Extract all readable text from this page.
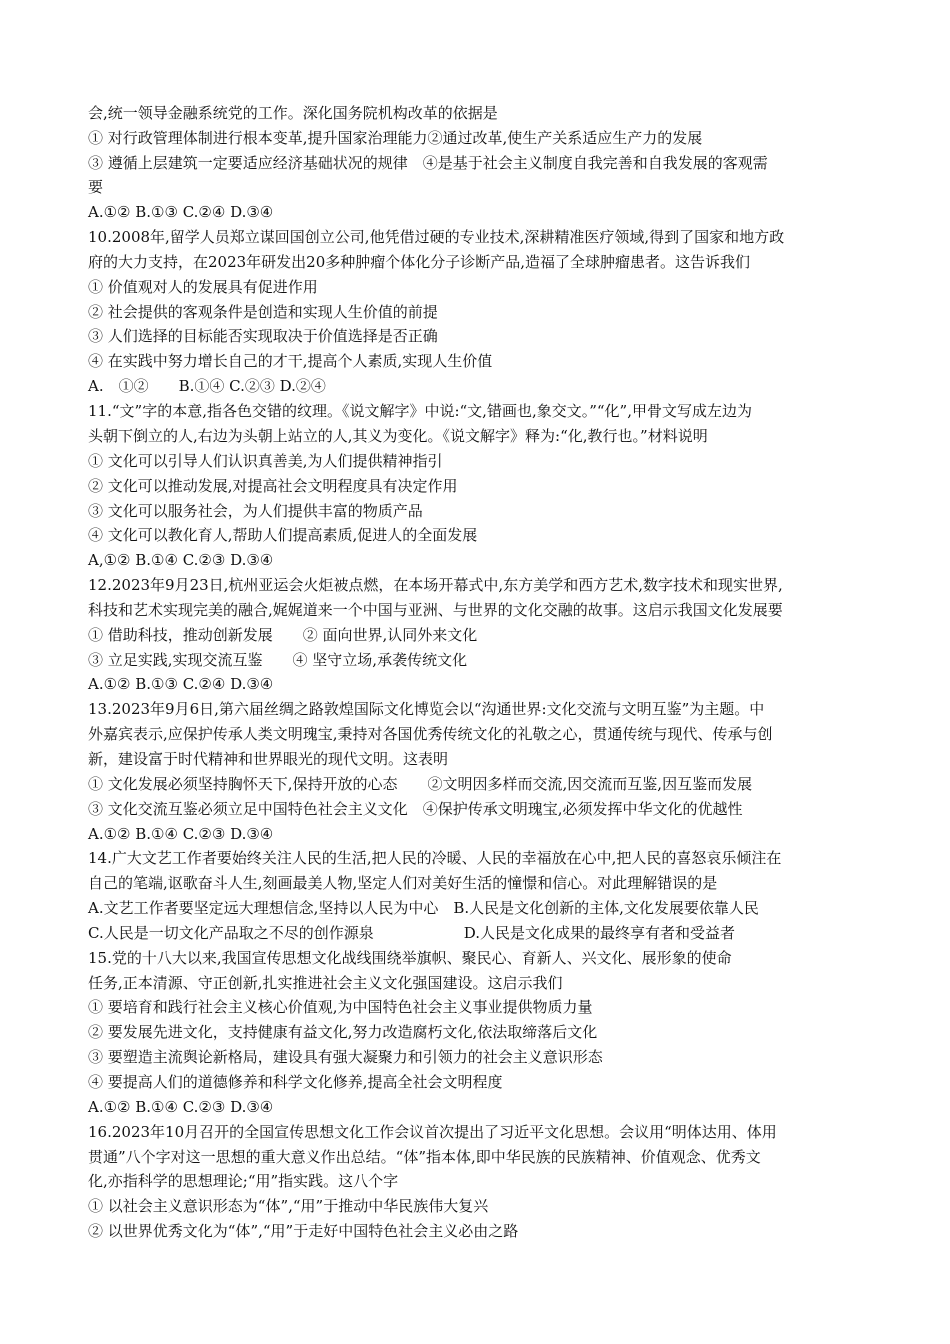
会,统一领导金融系统党的工作。深化国务院机构改革的依据是
① 对行政管理体制进行根本变革,提升国家治理能力②通过改革,使生产关系适应生产力的发展
③ 遵循上层建筑一定要适应经济基础状况的规律　④是基于社会主义制度自我完善和自我发展的客观需
要
A.①② B.①③ C.②④ D.③④
10.2008年,留学人员郑立谋回国创立公司,他凭借过硬的专业技术,深耕精准医疗领域,得到了国家和地方政
府的大力支持，在2023年研发出20多种肿瘤个体化分子诊断产品,造福了全球肿瘤患者。这告诉我们
① 价值观对人的发展具有促进作用
② 社会提供的客观条件是创造和实现人生价值的前提
③ 人们选择的目标能否实现取决于价值选择是否正确
④ 在实践中努力增长自己的才干,提高个人素质,实现人生价值
A.　①②　　B.①④ C.②③ D.②④
11.“文”字的本意,指各色交错的纹理。《说文解字》中说:“文,错画也,象交文。”“化”,甲骨文写成左边为
头朝下倒立的人,右边为头朝上站立的人,其义为变化。《说文解字》释为:“化,教行也。”材料说明
① 文化可以引导人们认识真善美,为人们提供精神指引
② 文化可以推动发展,对提高社会文明程度具有决定作用
③ 文化可以服务社会，为人们提供丰富的物质产品
④ 文化可以教化育人,帮助人们提高素质,促进人的全面发展
A,①② B.①④ C.②③ D.③④
12.2023年9月23日,杭州亚运会火炬被点燃，在本场开幕式中,东方美学和西方艺术,数字技术和现实世界,
科技和艺术实现完美的融合,娓娓道来一个中国与亚洲、与世界的文化交融的故事。这启示我国文化发展要
① 借助科技，推动创新发展　　② 面向世界,认同外来文化
③ 立足实践,实现交流互鉴　　④ 坚守立场,承袭传统文化
A.①② B.①③ C.②④ D.③④
13.2023年9月6日,第六届丝绸之路敦煌国际文化博览会以“沟通世界:文化交流与文明互鉴”为主题。中
外嘉宾表示,应保护传承人类文明瑰宝,秉持对各国优秀传统文化的礼敬之心，贯通传统与现代、传承与创
新，建设富于时代精神和世界眼光的现代文明。这表明
① 文化发展必须坚持胸怀天下,保持开放的心态　　②文明因多样而交流,因交流而互鉴,因互鉴而发展
③ 文化交流互鉴必须立足中国特色社会主义文化　④保护传承文明瑰宝,必须发挥中华文化的优越性
A.①② B.①④ C.②③ D.③④
14.广大文艺工作者要始终关注人民的生活,把人民的冷暖、人民的幸福放在心中,把人民的喜怒哀乐倾注在
自己的笔端,讴歌奋斗人生,刻画最美人物,坚定人们对美好生活的憧憬和信心。对此理解错误的是
A.文艺工作者要坚定远大理想信念,坚持以人民为中心　B.人民是文化创新的主体,文化发展要依靠人民
C.人民是一切文化产品取之不尽的创作源泉　　　　　　D.人民是文化成果的最终享有者和受益者
15.党的十八大以来,我国宣传思想文化战线围绕举旗帜、聚民心、育新人、兴文化、展形象的使命
任务,正本清源、守正创新,扎实推进社会主义文化强国建设。这启示我们
① 要培育和践行社会主义核心价值观,为中国特色社会主义事业提供物质力量
② 要发展先进文化，支持健康有益文化,努力改造腐朽文化,依法取缔落后文化
③ 要塑造主流舆论新格局，建设具有强大凝聚力和引领力的社会主义意识形态
④ 要提高人们的道德修养和科学文化修养,提高全社会文明程度
A.①② B.①④ C.②③ D.③④
16.2023年10月召开的全国宣传思想文化工作会议首次提出了习近平文化思想。会议用“明体达用、体用
贯通”八个字对这一思想的重大意义作出总结。“体”指本体,即中华民族的民族精神、价值观念、优秀文
化,亦指科学的思想理论;“用”指实践。这八个字
① 以社会主义意识形态为“体”,“用”于推动中华民族伟大复兴
② 以世界优秀文化为“体”,“用”于走好中国特色社会主义必由之路
